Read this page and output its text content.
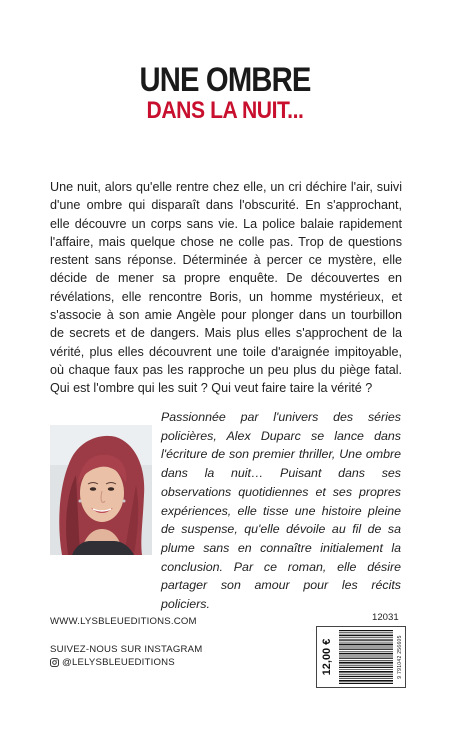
UNE OMBRE
DANS LA NUIT...
Une nuit, alors qu'elle rentre chez elle, un cri déchire l'air, suivi d'une ombre qui disparaît dans l'obscurité. En s'approchant, elle découvre un corps sans vie. La police balaie rapidement l'affaire, mais quelque chose ne colle pas. Trop de questions restent sans réponse. Déterminée à percer ce mystère, elle décide de mener sa propre enquête. De découvertes en révélations, elle rencontre Boris, un homme mystérieux, et s'associe à son amie Angèle pour plonger dans un tourbillon de secrets et de dangers. Mais plus elles s'approchent de la vérité, plus elles découvrent une toile d'araignée impitoyable, où chaque faux pas les rapproche un peu plus du piège fatal. Qui est l'ombre qui les suit ? Qui veut faire taire la vérité ?
Passionnée par l'univers des séries policières, Alex Duparc se lance dans l'écriture de son premier thriller, Une ombre dans la nuit… Puisant dans ses observations quotidiennes et ses propres expériences, elle tisse une histoire pleine de suspense, qu'elle dévoile au fil de sa plume sans en connaître initialement la conclusion. Par ce roman, elle désire partager son amour pour les récits policiers.
WWW.LYSBLEUEDITIONS.COM
SUIVEZ-NOUS SUR INSTAGRAM
@LELYSBLEUEDITIONS
12031
12,00 €	9 791042 256605
